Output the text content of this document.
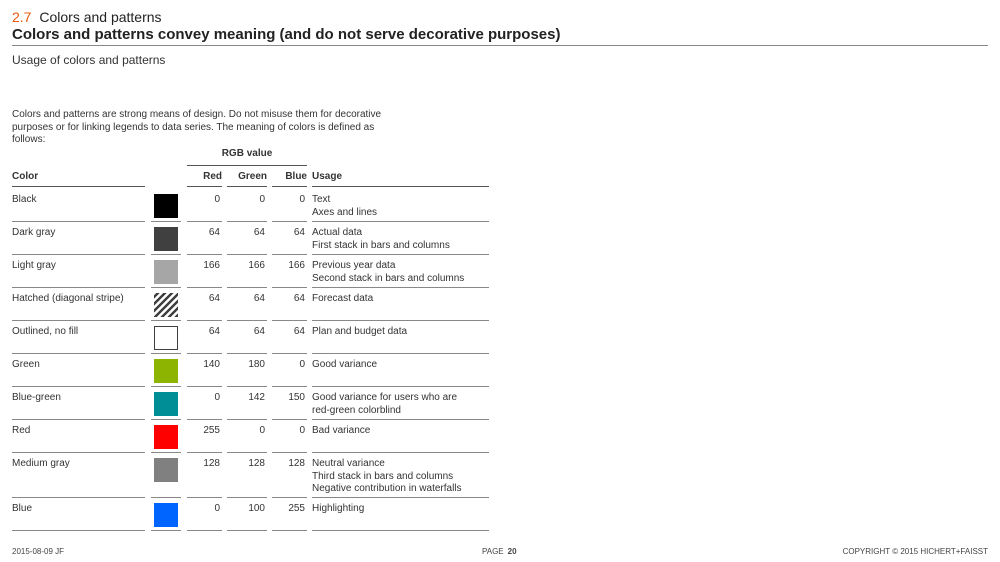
2.7 Colors and patterns
Colors and patterns convey meaning (and do not serve decorative purposes)
Usage of colors and patterns
Colors and patterns are strong means of design. Do not misuse them for decorative purposes or for linking legends to data series. The meaning of colors is defined as follows:
RGB value
Color	Red	Green	Blue Usage
Black	0	0	0 Text
Axes and lines
Dark gray	64	64	64 Actual data
First stack in bars and columns
Light gray	166	166	166 Previous year data
Second stack in bars and columns
Hatched (diagonal stripe)	64	64	64 Forecast data
Outlined, no fill	64	64	64 Plan and budget data
Green	140	180	0 Good variance
Blue-green	0	142	150 Good variance for users who are
red-green colorblind
Red	255	0	0 Bad variance
Medium gray	128	128	128 Neutral variance
Third stack in bars and columns
Negative contribution in waterfalls
Blue	0	100	255 Highlighting
2015-08-09 JF	PAGE 20	COPYRIGHT © 2015 HICHERT+FAISST
